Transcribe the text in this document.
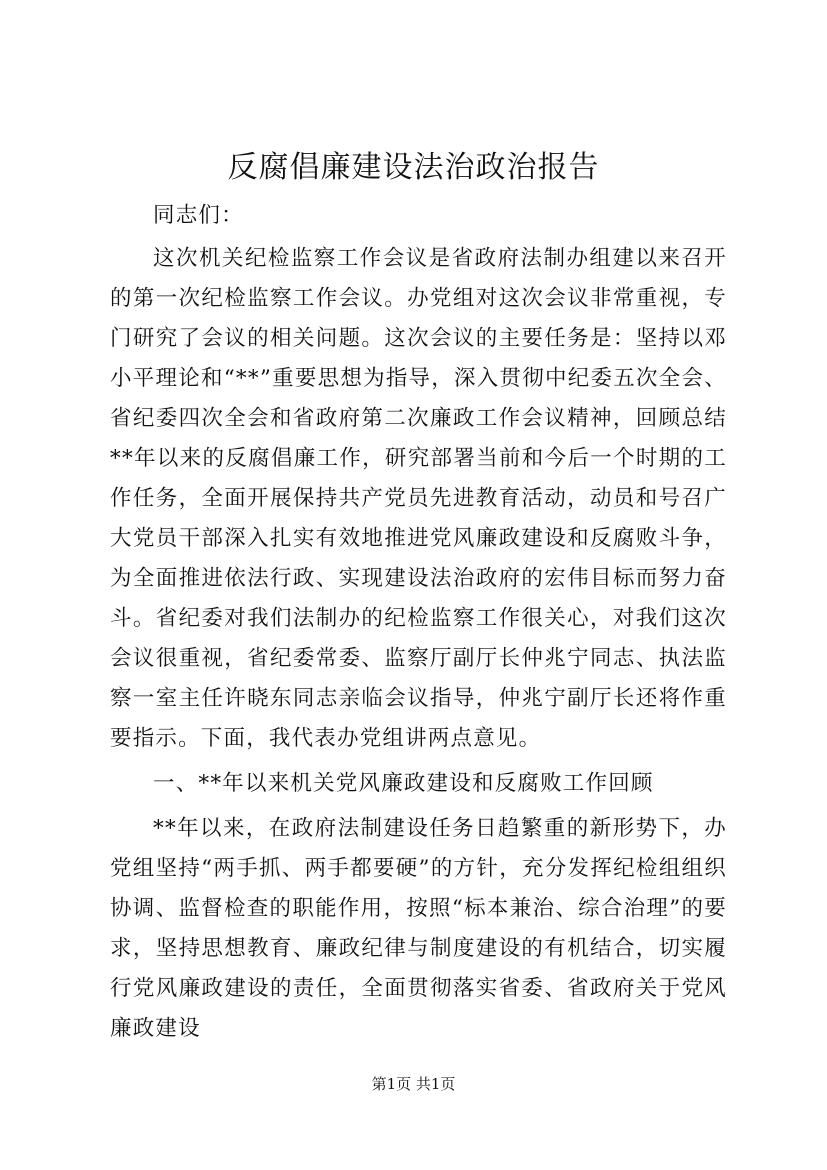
反腐倡廉建设法治政治报告

同志们：

这次机关纪检监察工作会议是省政府法制办组建以来召开的第一次纪检监察工作会议。办党组对这次会议非常重视，专门研究了会议的相关问题。这次会议的主要任务是：坚持以邓小平理论和“**”重要思想为指导，深入贯彻中纪委五次全会、省纪委四次全会和省政府第二次廉政工作会议精神，回顾总结**年以来的反腐倡廉工作，研究部署当前和今后一个时期的工作任务，全面开展保持共产党员先进教育活动，动员和号召广大党员干部深入扎实有效地推进党风廉政建设和反腐败斗争，为全面推进依法行政、实现建设法治政府的宏伟目标而努力奋斗。省纪委对我们法制办的纪检监察工作很关心，对我们这次会议很重视，省纪委常委、监察厅副厅长仲兆宁同志、执法监察一室主任许晓东同志亲临会议指导，仲兆宁副厅长还将作重要指示。下面，我代表办党组讲两点意见。

一、**年以来机关党风廉政建设和反腐败工作回顾

**年以来，在政府法制建设任务日趋繁重的新形势下，办党组坚持“两手抓、两手都要硬”的方针，充分发挥纪检组组织协调、监督检查的职能作用，按照“标本兼治、综合治理”的要求，坚持思想教育、廉政纪律与制度建设的有机结合，切实履行党风廉政建设的责任，全面贯彻落实省委、省政府关于党风廉政建设

第1页 共1页
